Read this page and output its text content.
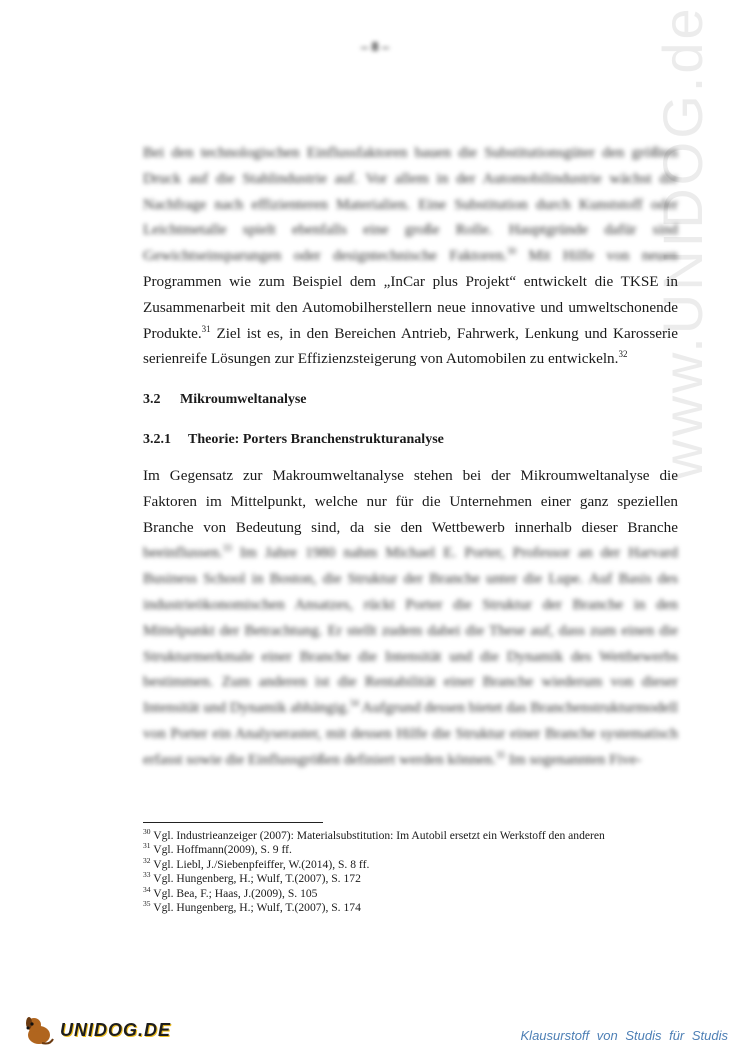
– 8 –	www.UNIDOG.de

Bei den technologischen Einflussfaktoren bauen die Substitutionsgüter den größten Druck auf die Stahlindustrie auf. Vor allem in der Automobilindustrie wächst die Nachfrage nach effizienteren Materialien. Eine Substitution durch Kunststoff oder Leichtmetalle spielt ebenfalls eine große Rolle. Hauptgründe dafür sind Gewichtseinsparungen oder designtechnische Faktoren.$^{30}$ Mit Hilfe von neuen Programmen wie zum Beispiel dem „InCar plus Projekt“ entwickelt die TKSE in Zusammenarbeit mit den Automobilherstellern neue innovative und umweltschonende Produkte.$^{31}$ Ziel ist es, in den Bereichen Antrieb, Fahrwerk, Lenkung und Karosserie serienreife Lösungen zur Effizienzsteigerung von Automobilen zu entwickeln.$^{32}$

3.2 Mikroumweltanalyse
3.2.1 Theorie: Porters Branchenstrukturanalyse

Im Gegensatz zur Makroumweltanalyse stehen bei der Mikroumweltanalyse die Faktoren im Mittelpunkt, welche nur für die Unternehmen einer ganz speziellen Branche von Bedeutung sind, da sie den Wettbewerb innerhalb dieser Branche beeinflussen.$^{33}$ Im Jahre 1980 nahm Michael E. Porter, Professor an der Harvard Business School in Boston, die Struktur der Branche unter die Lupe. Auf Basis des industrieökonomischen Ansatzes, rückt Porter die Struktur der Branche in den Mittelpunkt der Betrachtung. Er stellt zudem dabei die These auf, dass zum einen die Strukturmerkmale einer Branche die Intensität und die Dynamik des Wettbewerbs bestimmen. Zum anderen ist die Rentabilität einer Branche wiederum von dieser Intensität und Dynamik abhängig.$^{34}$ Aufgrund dessen bietet das Branchenstrukturmodell von Porter ein Analyseraster, mit dessen Hilfe die Struktur einer Branche systematisch erfasst sowie die Einflussgrößen definiert werden können.$^{35}$ Im sogenannten Five-

$^{30}$ Vgl. Industrieanzeiger (2007): Materialsubstitution: Im Autobil ersetzt ein Werkstoff den anderen
$^{31}$ Vgl. Hoffmann(2009), S. 9 ff.
$^{32}$ Vgl. Liebl, J./Siebenpfeiffer, W.(2014), S. 8 ff.
$^{33}$ Vgl. Hungenberg, H.; Wulf, T.(2007), S. 172
$^{34}$ Vgl. Bea, F.; Haas, J.(2009), S. 105
$^{35}$ Vgl. Hungenberg, H.; Wulf, T.(2007), S. 174
UNIDOG.DE	Klausurstoff von Studis für Studis
